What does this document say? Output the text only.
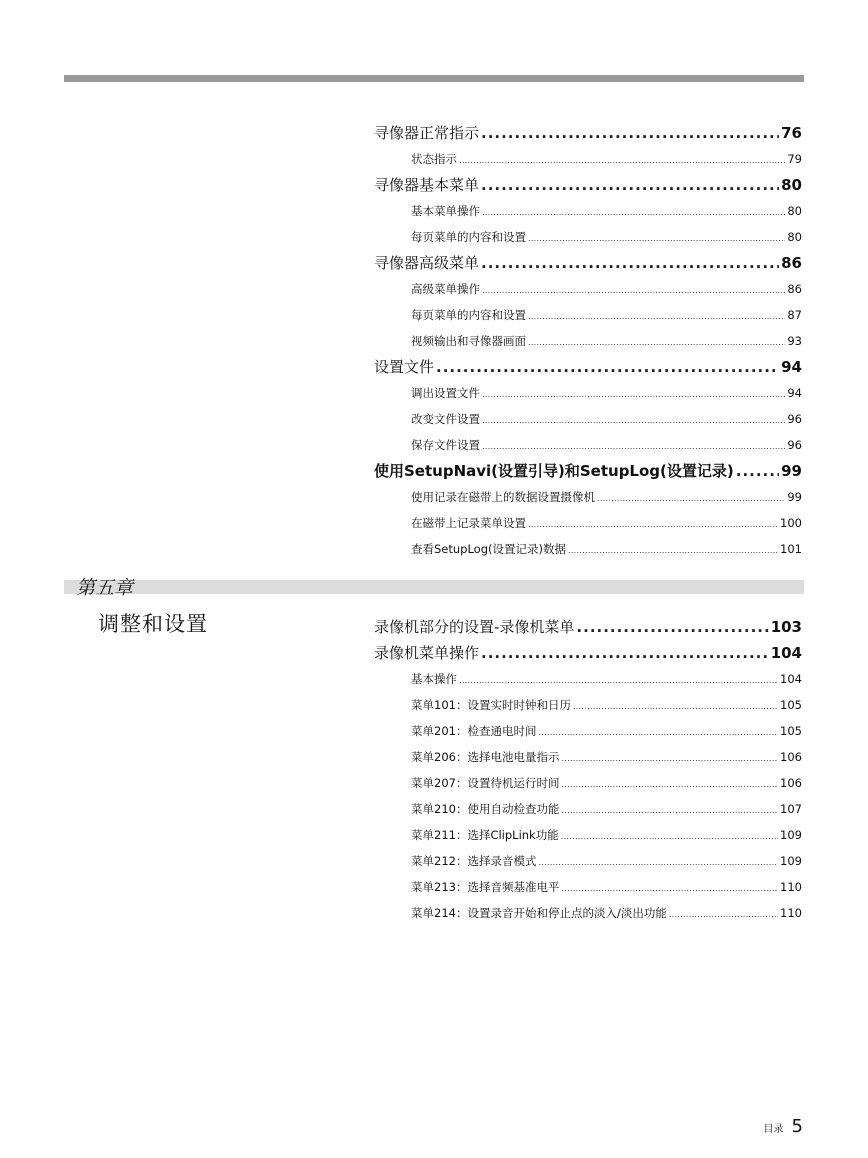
寻像器正常指示 .....	76
状态指示 .....	79
寻像器基本菜单 .....	80
基本菜单操作 .....	80
每页菜单的内容和设置 .....	80
寻像器高级菜单 .....	86
高级菜单操作 .....	86
每页菜单的内容和设置 .....	87
视频输出和寻像器画面 .....	93
设置文件 .....	94
调出设置文件 .....	94
改变文件设置 .....	96
保存文件设置 .....	96
使用SetupNavi(设置引导)和SetupLog(设置记录) .....	99
使用记录在磁带上的数据设置摄像机 .....	99
在磁带上记录菜单设置 .....	100
查看SetupLog(设置记录)数据 .....	101
第五章
调整和设置	录像机部分的设置-录像机菜单 .....	103
录像机菜单操作 .....	104
基本操作 .....	104
菜单101：设置实时时钟和日历 .....	105
菜单201：检查通电时间 .....	105
菜单206：选择电池电量指示 .....	106
菜单207：设置待机运行时间 .....	106
菜单210：使用自动检查功能 .....	107
菜单211：选择ClipLink功能 .....	109
菜单212：选择录音模式 .....	109
菜单213：选择音频基准电平 .....	110
菜单214：设置录音开始和停止点的淡入/淡出功能 .....	110
目录 5
